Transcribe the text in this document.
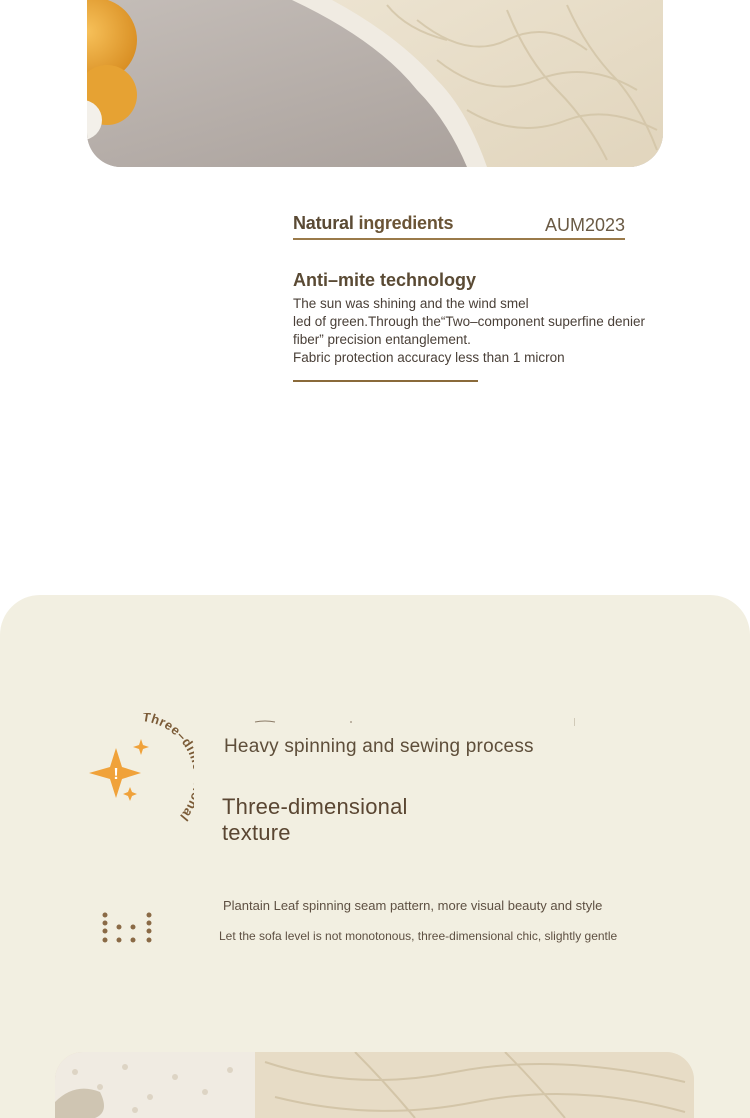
Natural ingredients	AUM2023
Anti–mite technology
The sun was shining and the wind smel
led of green.Through the“Two–component superfine denier
fiber” precision entanglement.
Fabric protection accuracy less than 1 micron
Three– l
!
Heavy spinning and sewing process
Three-dimensional
texture
Plantain Leaf spinning seam pattern, more visual beauty and style
Let the sofa level is not monotonous, three-dimensional chic, slightly gentle
